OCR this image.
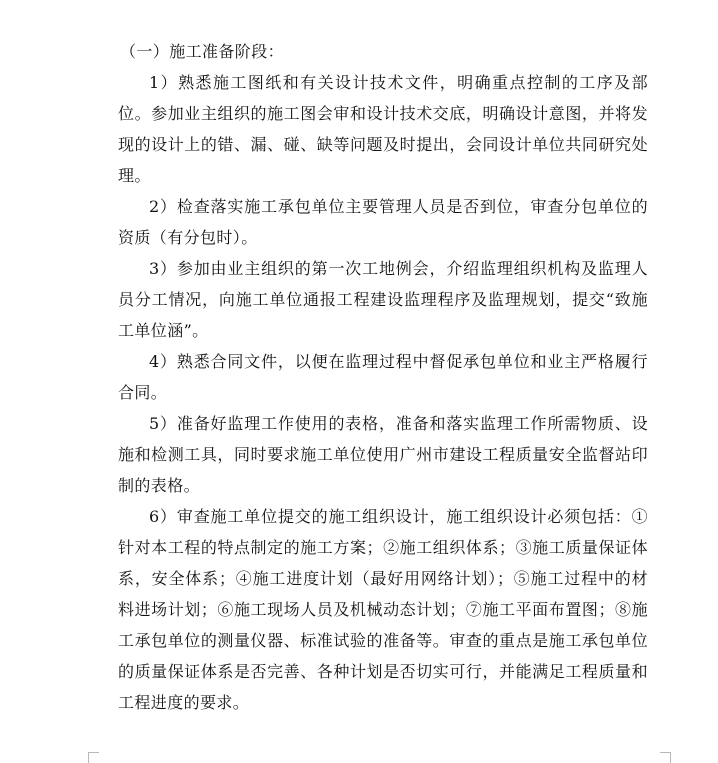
（一）施工准备阶段：

1）熟悉施工图纸和有关设计技术文件，明确重点控制的工序及部位。参加业主组织的施工图会审和设计技术交底，明确设计意图，并将发现的设计上的错、漏、碰、缺等问题及时提出，会同设计单位共同研究处理。

2）检查落实施工承包单位主要管理人员是否到位，审查分包单位的资质（有分包时）。

3）参加由业主组织的第一次工地例会，介绍监理组织机构及监理人员分工情况，向施工单位通报工程建设监理程序及监理规划，提交“致施工单位涵”。

4）熟悉合同文件，以便在监理过程中督促承包单位和业主严格履行合同。

5）准备好监理工作使用的表格，准备和落实监理工作所需物质、设施和检测工具，同时要求施工单位使用广州市建设工程质量安全监督站印制的表格。

6）审查施工单位提交的施工组织设计，施工组织设计必须包括：①针对本工程的特点制定的施工方案；②施工组织体系；③施工质量保证体系，安全体系；④施工进度计划（最好用网络计划）；⑤施工过程中的材料进场计划；⑥施工现场人员及机械动态计划；⑦施工平面布置图；⑧施工承包单位的测量仪器、标准试验的准备等。审查的重点是施工承包单位的质量保证体系是否完善、各种计划是否切实可行，并能满足工程质量和工程进度的要求。
